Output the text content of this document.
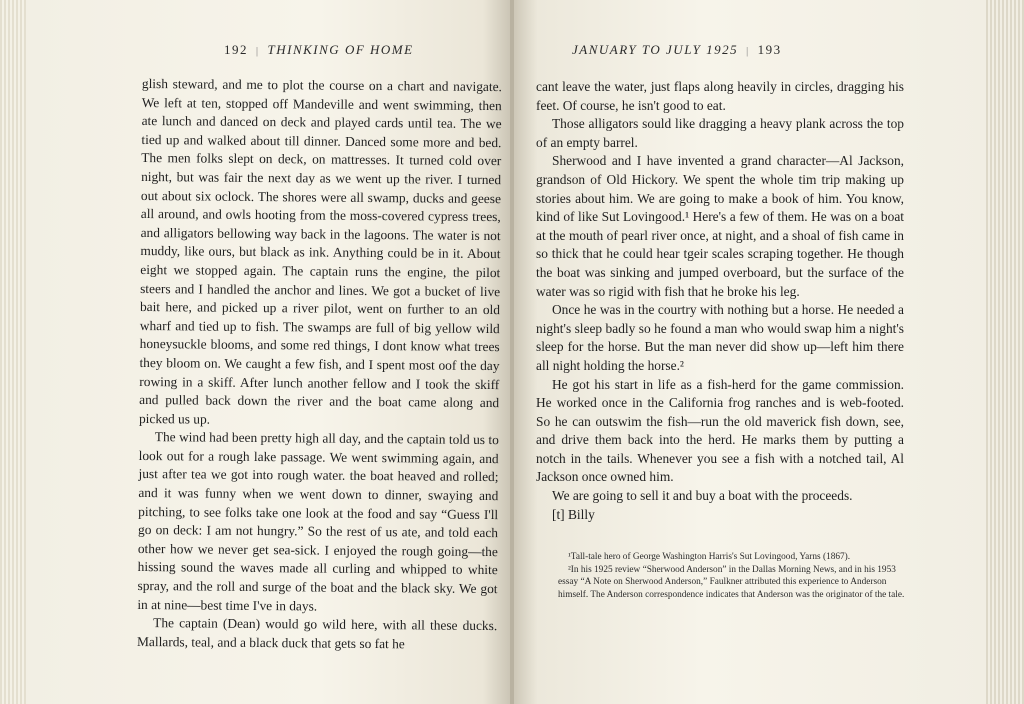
192 | THINKING OF HOME

glish steward, and me to plot the course on a chart and navigate. We left at ten, stopped off Mandeville and went swimming, then ate lunch and danced on deck and played cards until tea. The we tied up and walked about till dinner. Danced some more and bed. The men folks slept on deck, on mattresses. It turned cold over night, but was fair the next day as we went up the river. I turned out about six oclock. The shores were all swamp, ducks and geese all around, and owls hooting from the moss-covered cypress trees, and alligators bellowing way back in the lagoons. The water is not muddy, like ours, but black as ink. Anything could be in it. About eight we stopped again. The captain runs the engine, the pilot steers and I handled the anchor and lines. We got a bucket of live bait here, and picked up a river pilot, went on further to an old wharf and tied up to fish. The swamps are full of big yellow wild honeysuckle blooms, and some red things, I dont know what trees they bloom on. We caught a few fish, and I spent most oof the day rowing in a skiff. After lunch another fellow and I took the skiff and pulled back down the river and the boat came along and picked us up.

The wind had been pretty high all day, and the captain told us to look out for a rough lake passage. We went swimming again, and just after tea we got into rough water. the boat heaved and rolled; and it was funny when we went down to dinner, swaying and pitching, to see folks take one look at the food and say “Guess I'll go on deck: I am not hungry.” So the rest of us ate, and told each other how we never get sea-sick. I enjoyed the rough going—the hissing sound the waves made all curling and whipped to white spray, and the roll and surge of the boat and the black sky. We got in at nine—best time I've in days.

The captain (Dean) would go wild here, with all these ducks. Mallards, teal, and a black duck that gets so fat he

JANUARY TO JULY 1925 | 193

cant leave the water, just flaps along heavily in circles, dragging his feet. Of course, he isn't good to eat.

Those alligators sould like dragging a heavy plank across the top of an empty barrel.

Sherwood and I have invented a grand character—Al Jackson, grandson of Old Hickory. We spent the whole tim trip making up stories about him. We are going to make a book of him. You know, kind of like Sut Lovingood.¹ Here's a few of them. He was on a boat at the mouth of pearl river once, at night, and a shoal of fish came in so thick that he could hear tgeir scales scraping together. He though the boat was sinking and jumped overboard, but the surface of the water was so rigid with fish that he broke his leg.

Once he was in the courtry with nothing but a horse. He needed a night's sleep badly so he found a man who would swap him a night's sleep for the horse. But the man never did show up—left him there all night holding the horse.²

He got his start in life as a fish-herd for the game commission. He worked once in the California frog ranches and is web-footed. So he can outswim the fish—run the old maverick fish down, see, and drive them back into the herd. He marks them by putting a notch in the tails. Whenever you see a fish with a notched tail, Al Jackson once owned him.

We are going to sell it and buy a boat with the proceeds.

[t] Billy

¹Tall-tale hero of George Washington Harris's Sut Lovingood, Yarns (1867).

²In his 1925 review “Sherwood Anderson” in the Dallas Morning News, and in his 1953 essay “A Note on Sherwood Anderson,” Faulkner attributed this experience to Anderson himself. The Anderson correspondence indicates that Anderson was the originator of the tale.
